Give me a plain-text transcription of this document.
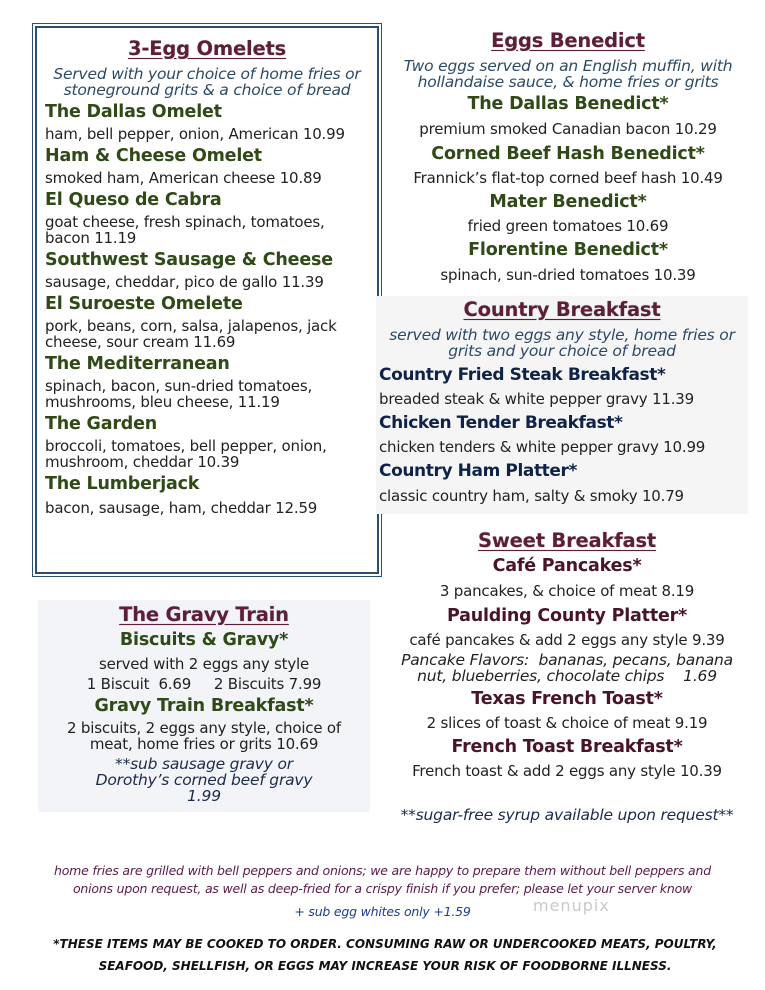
3-Egg Omelets
Served with your choice of home fries or stoneground grits & a choice of bread
The Dallas Omelet
ham, bell pepper, onion, American 10.99
Ham & Cheese Omelet
smoked ham, American cheese 10.89
El Queso de Cabra
goat cheese, fresh spinach, tomatoes, bacon 11.19
Southwest Sausage & Cheese
sausage, cheddar, pico de gallo 11.39
El Suroeste Omelete
pork, beans, corn, salsa, jalapenos, jack cheese, sour cream 11.69
The Mediterranean
spinach, bacon, sun-dried tomatoes, mushrooms, bleu cheese, 11.19
The Garden
broccoli, tomatoes, bell pepper, onion, mushroom, cheddar 10.39
The Lumberjack
bacon, sausage, ham, cheddar 12.59
Eggs Benedict
Two eggs served on an English muffin, with hollandaise sauce, & home fries or grits
The Dallas Benedict*
premium smoked Canadian bacon 10.29
Corned Beef Hash Benedict*
Frannick’s flat-top corned beef hash 10.49
Mater Benedict*
fried green tomatoes 10.69
Florentine Benedict*
spinach, sun-dried tomatoes 10.39
Country Breakfast
served with two eggs any style, home fries or grits and your choice of bread
Country Fried Steak Breakfast*
breaded steak & white pepper gravy 11.39
Chicken Tender Breakfast*
chicken tenders & white pepper gravy 10.99
Country Ham Platter*
classic country ham, salty & smoky 10.79
The Gravy Train
Biscuits & Gravy*
served with 2 eggs any style
1 Biscuit  6.69     2 Biscuits 7.99
Gravy Train Breakfast*
2 biscuits, 2 eggs any style, choice of meat, home fries or grits 10.69
**sub sausage gravy or Dorothy’s corned beef gravy 1.99
Sweet Breakfast
Café Pancakes*
3 pancakes, & choice of meat 8.19
Paulding County Platter*
café pancakes & add 2 eggs any style 9.39
Pancake Flavors:  bananas, pecans, banana nut, blueberries, chocolate chips    1.69
Texas French Toast*
2 slices of toast & choice of meat 9.19
French Toast Breakfast*
French toast & add 2 eggs any style 10.39
**sugar-free syrup available upon request**
home fries are grilled with bell peppers and onions; we are happy to prepare them without bell peppers and onions upon request, as well as deep-fried for a crispy finish if you prefer; please let your server know
+ sub egg whites only +1.59	menupix
*THESE ITEMS MAY BE COOKED TO ORDER. CONSUMING RAW OR UNDERCOOKED MEATS, POULTRY, SEAFOOD, SHELLFISH, OR EGGS MAY INCREASE YOUR RISK OF FOODBORNE ILLNESS.
